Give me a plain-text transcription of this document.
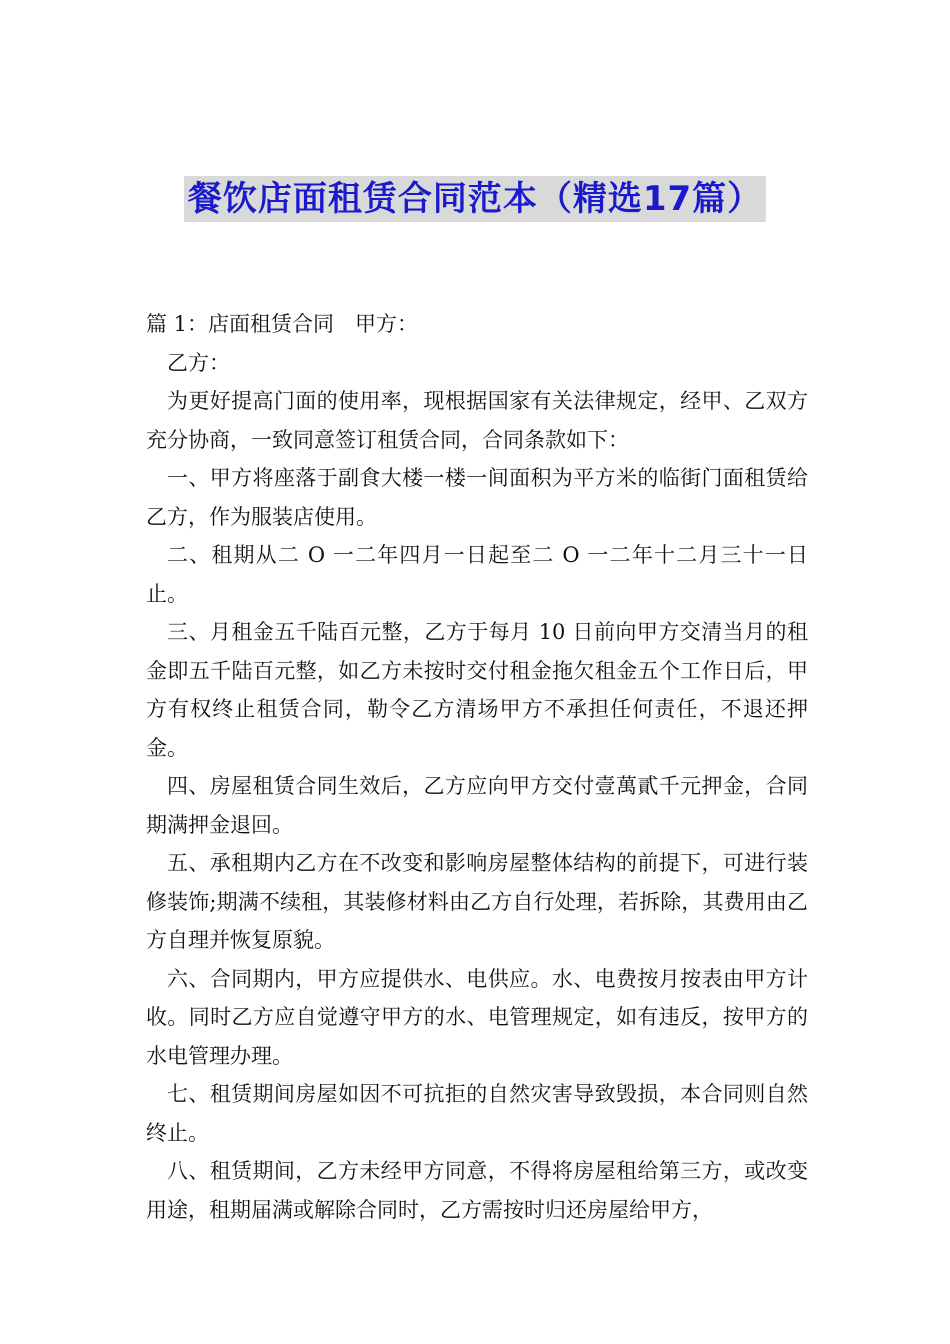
餐饮店面租赁合同范本（精选17篇）

篇 1：店面租赁合同　甲方：

乙方：

为更好提高门面的使用率，现根据国家有关法律规定，经甲、乙双方充分协商，一致同意签订租赁合同，合同条款如下：

一、甲方将座落于副食大楼一楼一间面积为平方米的临街门面租赁给乙方，作为服装店使用。

二、租期从二 O 一二年四月一日起至二 O 一二年十二月三十一日止。

三、月租金五千陆百元整，乙方于每月 10 日前向甲方交清当月的租金即五千陆百元整，如乙方未按时交付租金拖欠租金五个工作日后，甲方有权终止租赁合同，勒令乙方清场甲方不承担任何责任，不退还押金。

四、房屋租赁合同生效后，乙方应向甲方交付壹萬貳千元押金，合同期满押金退回。

五、承租期内乙方在不改变和影响房屋整体结构的前提下，可进行装修装饰;期满不续租，其装修材料由乙方自行处理，若拆除，其费用由乙方自理并恢复原貌。

六、合同期内，甲方应提供水、电供应。水、电费按月按表由甲方计收。同时乙方应自觉遵守甲方的水、电管理规定，如有违反，按甲方的水电管理办理。

七、租赁期间房屋如因不可抗拒的自然灾害导致毁损，本合同则自然终止。

八、租赁期间，乙方未经甲方同意，不得将房屋租给第三方，或改变用途，租期届满或解除合同时，乙方需按时归还房屋给甲方，
